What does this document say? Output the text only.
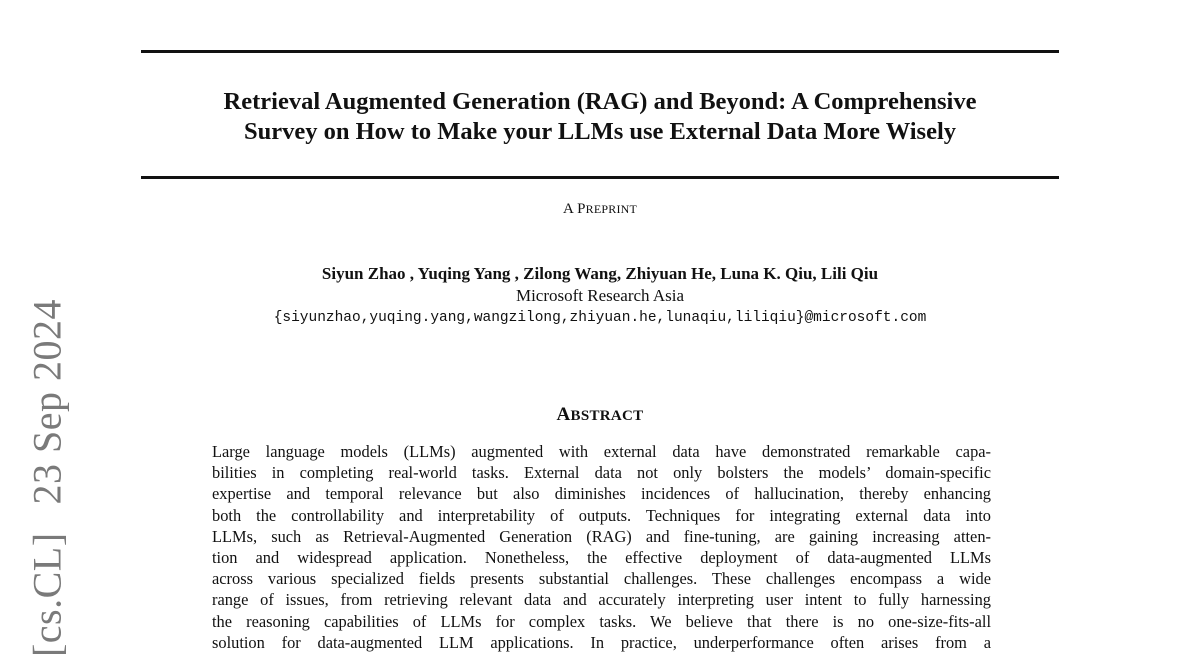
Retrieval Augmented Generation (RAG) and Beyond: A Comprehensive
Survey on How to Make your LLMs use External Data More Wisely
A PREPRINT
Siyun Zhao , Yuqing Yang , Zilong Wang, Zhiyuan He, Luna K. Qiu, Lili Qiu
Microsoft Research Asia
{siyunzhao,yuqing.yang,wangzilong,zhiyuan.he,lunaqiu,liliqiu}@microsoft.com
ABSTRACT
Large language models (LLMs) augmented with external data have demonstrated remarkable capa-
bilities in completing real-world tasks. External data not only bolsters the models’ domain-specific
expertise and temporal relevance but also diminishes incidences of hallucination, thereby enhancing
both the controllability and interpretability of outputs. Techniques for integrating external data into
LLMs, such as Retrieval-Augmented Generation (RAG) and fine-tuning, are gaining increasing atten-
tion and widespread application. Nonetheless, the effective deployment of data-augmented LLMs
across various specialized fields presents substantial challenges. These challenges encompass a wide
range of issues, from retrieving relevant data and accurately interpreting user intent to fully harnessing
the reasoning capabilities of LLMs for complex tasks. We believe that there is no one-size-fits-all
solution for data-augmented LLM applications. In practice, underperformance often arises from a
[cs.CL]23 Sep 2024
